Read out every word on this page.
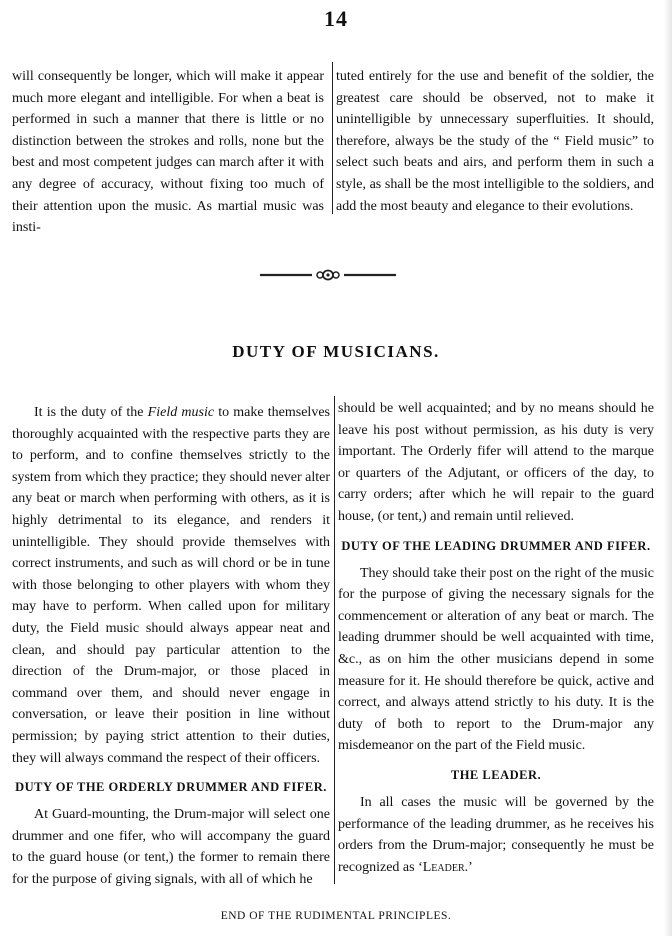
14

will consequently be longer, which will make it appear much more elegant and intelligible. For when a beat is performed in such a manner that there is little or no distinction between the strokes and rolls, none but the best and most competent judges can march after it with any degree of accuracy, without fixing too much of their attention upon the music. As martial music was insti-

tuted entirely for the use and benefit of the soldier, the greatest care should be observed, not to make it unintelligible by unnecessary superfluities. It should, therefore, always be the study of the “ Field music” to select such beats and airs, and perform them in such a style, as shall be the most intelligible to the soldiers, and add the most beauty and elegance to their evolutions.

DUTY OF MUSICIANS.

It is the duty of the Field music to make themselves thoroughly acquainted with the respective parts they are to perform, and to confine themselves strictly to the system from which they practice; they should never alter any beat or march when performing with others, as it is highly detrimental to its elegance, and renders it unintelligible. They should provide themselves with correct instruments, and such as will chord or be in tune with those belonging to other players with whom they may have to perform. When called upon for military duty, the Field music should always appear neat and clean, and should pay particular attention to the direction of the Drum-major, or those placed in command over them, and should never engage in conversation, or leave their position in line without permission; by paying strict attention to their duties, they will always command the respect of their officers.

DUTY OF THE ORDERLY DRUMMER AND FIFER.

At Guard-mounting, the Drum-major will select one drummer and one fifer, who will accompany the guard to the guard house (or tent,) the former to remain there for the purpose of giving signals, with all of which he

should be well acquainted; and by no means should he leave his post without permission, as his duty is very important. The Orderly fifer will attend to the marque or quarters of the Adjutant, or officers of the day, to carry orders; after which he will repair to the guard house, (or tent,) and remain until relieved.

DUTY OF THE LEADING DRUMMER AND FIFER.

They should take their post on the right of the music for the purpose of giving the necessary signals for the commencement or alteration of any beat or march. The leading drummer should be well acquainted with time, &c., as on him the other musicians depend in some measure for it. He should therefore be quick, active and correct, and always attend strictly to his duty. It is the duty of both to report to the Drum-major any misdemeanor on the part of the Field music.

THE LEADER.

In all cases the music will be governed by the performance of the leading drummer, as he receives his orders from the Drum-major; consequently he must be recognized as ‘Leader.’

END OF THE RUDIMENTAL PRINCIPLES.
